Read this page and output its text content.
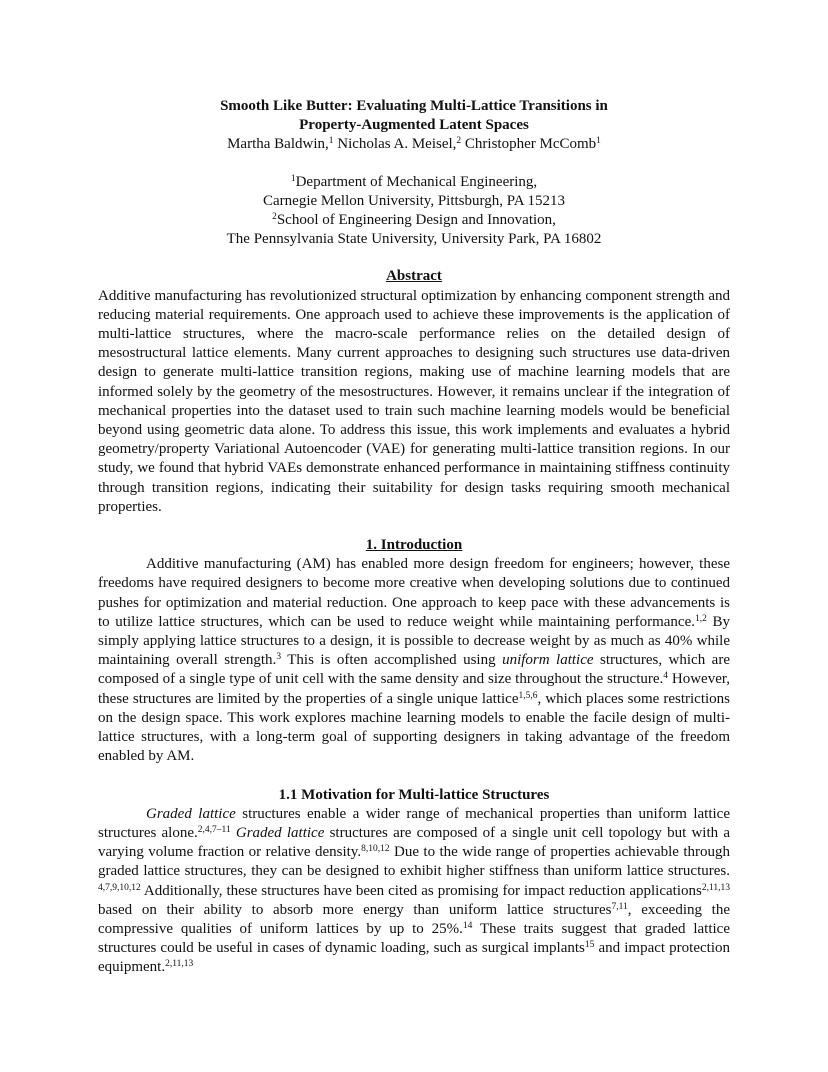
Smooth Like Butter: Evaluating Multi-Lattice Transitions in
Property-Augmented Latent Spaces
Martha Baldwin,$^1$ Nicholas A. Meisel,$^2$ Christopher McComb$^1$
$^1$Department of Mechanical Engineering,
Carnegie Mellon University, Pittsburgh, PA 15213
$^2$School of Engineering Design and Innovation,
The Pennsylvania State University, University Park, PA 16802
Abstract

Additive manufacturing has revolutionized structural optimization by enhancing component strength and reducing material requirements. One approach used to achieve these improvements is the application of multi-lattice structures, where the macro-scale performance relies on the detailed design of mesostructural lattice elements. Many current approaches to designing such structures use data-driven design to generate multi-lattice transition regions, making use of machine learning models that are informed solely by the geometry of the mesostructures. However, it remains unclear if the integration of mechanical properties into the dataset used to train such machine learning models would be beneficial beyond using geometric data alone. To address this issue, this work implements and evaluates a hybrid geometry/property Variational Autoencoder (VAE) for generating multi-lattice transition regions. In our study, we found that hybrid VAEs demonstrate enhanced performance in maintaining stiffness continuity through transition regions, indicating their suitability for design tasks requiring smooth mechanical properties.

1. Introduction

Additive manufacturing (AM) has enabled more design freedom for engineers; however, these freedoms have required designers to become more creative when developing solutions due to continued pushes for optimization and material reduction. One approach to keep pace with these advancements is to utilize lattice structures, which can be used to reduce weight while maintaining performance.$^{1,2}$ By simply applying lattice structures to a design, it is possible to decrease weight by as much as 40% while maintaining overall strength.$^3$ This is often accomplished using uniform lattice structures, which are composed of a single type of unit cell with the same density and size throughout the structure.$^4$ However, these structures are limited by the properties of a single unique lattice$^{1,5,6}$, which places some restrictions on the design space. This work explores machine learning models to enable the facile design of multi-lattice structures, with a long-term goal of supporting designers in taking advantage of the freedom enabled by AM.

1.1 Motivation for Multi-lattice Structures

Graded lattice structures enable a wider range of mechanical properties than uniform lattice structures alone.$^{2,4,7-11}$ Graded lattice structures are composed of a single unit cell topology but with a varying volume fraction or relative density.$^{8,10,12}$ Due to the wide range of properties achievable through graded lattice structures, they can be designed to exhibit higher stiffness than uniform lattice structures. $^{4,7,9,10,12}$ Additionally, these structures have been cited as promising for impact reduction applications$^{2,11,13}$ based on their ability to absorb more energy than uniform lattice structures$^{7,11}$, exceeding the compressive qualities of uniform lattices by up to 25%.$^{14}$ These traits suggest that graded lattice structures could be useful in cases of dynamic loading, such as surgical implants$^{15}$ and impact protection equipment.$^{2,11,13}$
